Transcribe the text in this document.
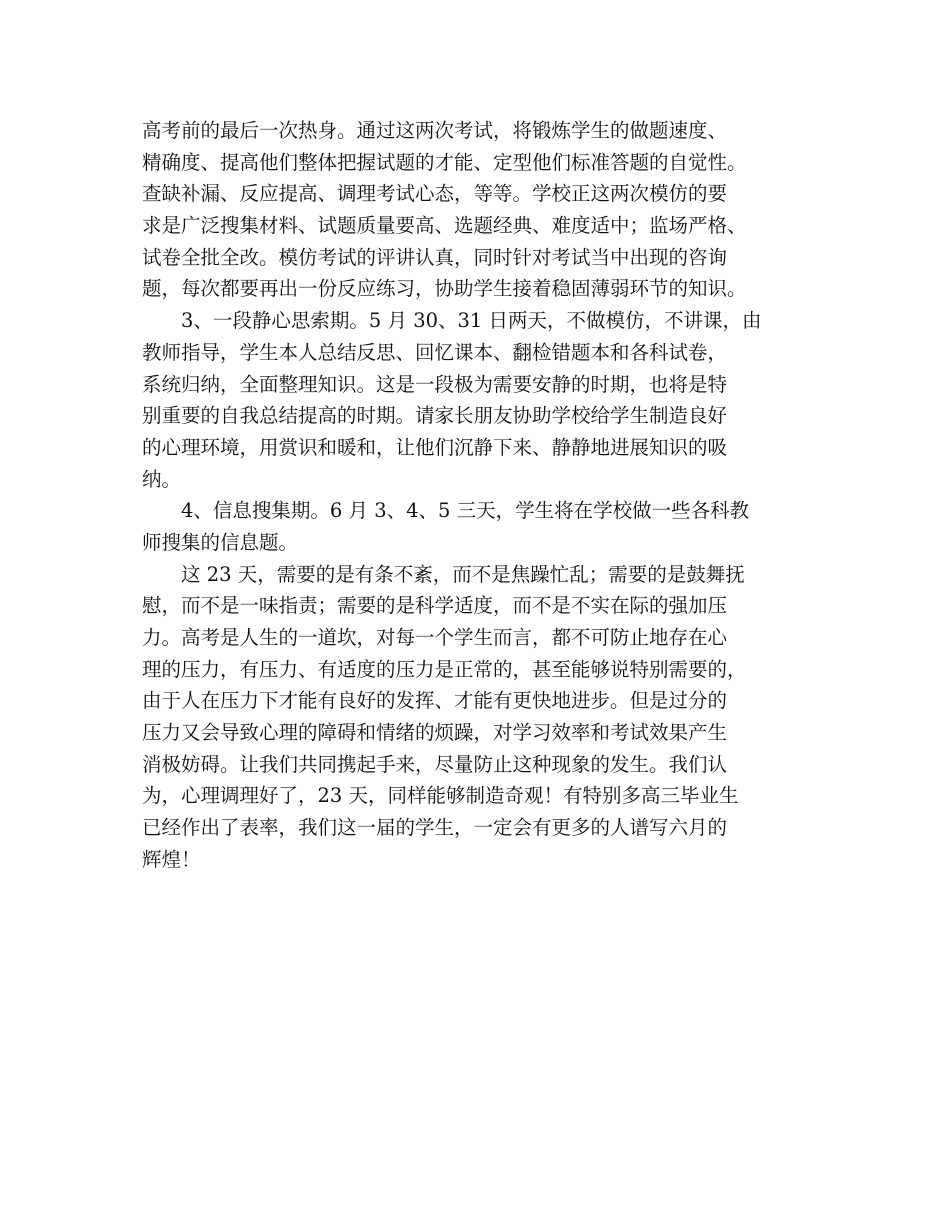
高考前的最后一次热身。通过这两次考试，将锻炼学生的做题速度、
精确度、提高他们整体把握试题的才能、定型他们标准答题的自觉性。
查缺补漏、反应提高、调理考试心态，等等。学校正这两次模仿的要
求是广泛搜集材料、试题质量要高、选题经典、难度适中；监场严格、
试卷全批全改。模仿考试的评讲认真，同时针对考试当中出现的咨询
题，每次都要再出一份反应练习，协助学生接着稳固薄弱环节的知识。
3、一段静心思索期。5 月 30、31 日两天，不做模仿，不讲课，由
教师指导，学生本人总结反思、回忆课本、翻检错题本和各科试卷，
系统归纳，全面整理知识。这是一段极为需要安静的时期，也将是特
别重要的自我总结提高的时期。请家长朋友协助学校给学生制造良好
的心理环境，用赏识和暖和，让他们沉静下来、静静地进展知识的吸
纳。
4、信息搜集期。6 月 3、4、5 三天，学生将在学校做一些各科教
师搜集的信息题。
这 23 天，需要的是有条不紊，而不是焦躁忙乱；需要的是鼓舞抚
慰，而不是一味指责；需要的是科学适度，而不是不实在际的强加压
力。高考是人生的一道坎，对每一个学生而言，都不可防止地存在心
理的压力，有压力、有适度的压力是正常的，甚至能够说特别需要的，
由于人在压力下才能有良好的发挥、才能有更快地进步。但是过分的
压力又会导致心理的障碍和情绪的烦躁，对学习效率和考试效果产生
消极妨碍。让我们共同携起手来，尽量防止这种现象的发生。我们认
为，心理调理好了，23 天，同样能够制造奇观！有特别多高三毕业生
已经作出了表率，我们这一届的学生，一定会有更多的人谱写六月的
辉煌！
